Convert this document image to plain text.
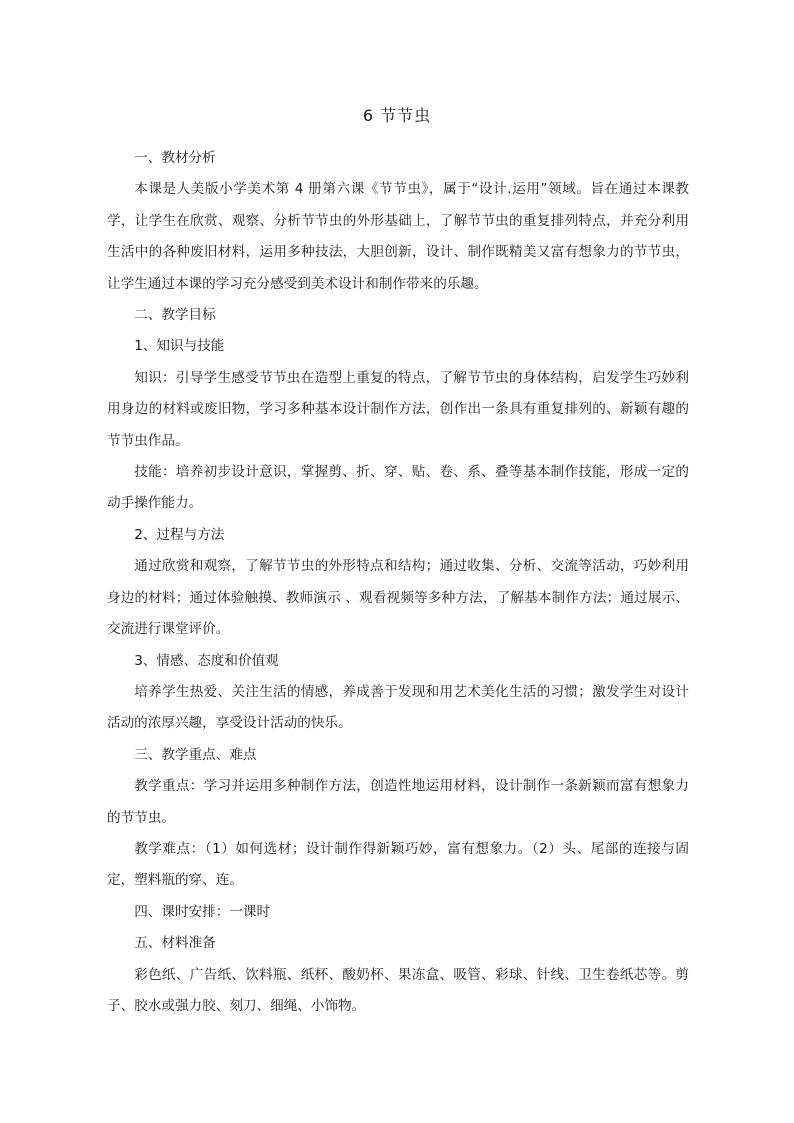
6 节节虫

一、教材分析

本课是人美版小学美术第 4 册第六课《节节虫》，属于“设计.运用”领域。旨在通过本课教学，让学生在欣赏、观察、分析节节虫的外形基础上，了解节节虫的重复排列特点，并充分利用生活中的各种废旧材料，运用多种技法，大胆创新，设计、制作既精美又富有想象力的节节虫，让学生通过本课的学习充分感受到美术设计和制作带来的乐趣。

二、教学目标

1、知识与技能

知识：引导学生感受节节虫在造型上重复的特点，了解节节虫的身体结构，启发学生巧妙利用身边的材料或废旧物，学习多种基本设计制作方法，创作出一条具有重复排列的、新颖有趣的节节虫作品。

技能：培养初步设计意识，掌握剪、折、穿、贴、卷、系、叠等基本制作技能，形成一定的动手操作能力。

2、过程与方法

通过欣赏和观察，了解节节虫的外形特点和结构；通过收集、分析、交流等活动，巧妙利用身边的材料；通过体验触摸、教师演示 、观看视频等多种方法，了解基本制作方法；通过展示、交流进行课堂评价。

3、情感、态度和价值观

培养学生热爱、关注生活的情感，养成善于发现和用艺术美化生活的习惯；激发学生对设计活动的浓厚兴趣，享受设计活动的快乐。

三、教学重点、难点

教学重点：学习并运用多种制作方法，创造性地运用材料，设计制作一条新颖而富有想象力的节节虫。

教学难点：（1）如何选材；设计制作得新颖巧妙，富有想象力。（2）头、尾部的连接与固定，塑料瓶的穿、连。

四、课时安排：一课时

五、材料准备

彩色纸、广告纸、饮料瓶、纸杯、酸奶杯、果冻盒、吸管、彩球、针线、卫生卷纸芯等。剪子、胶水或强力胶、刻刀、细绳、小饰物。
